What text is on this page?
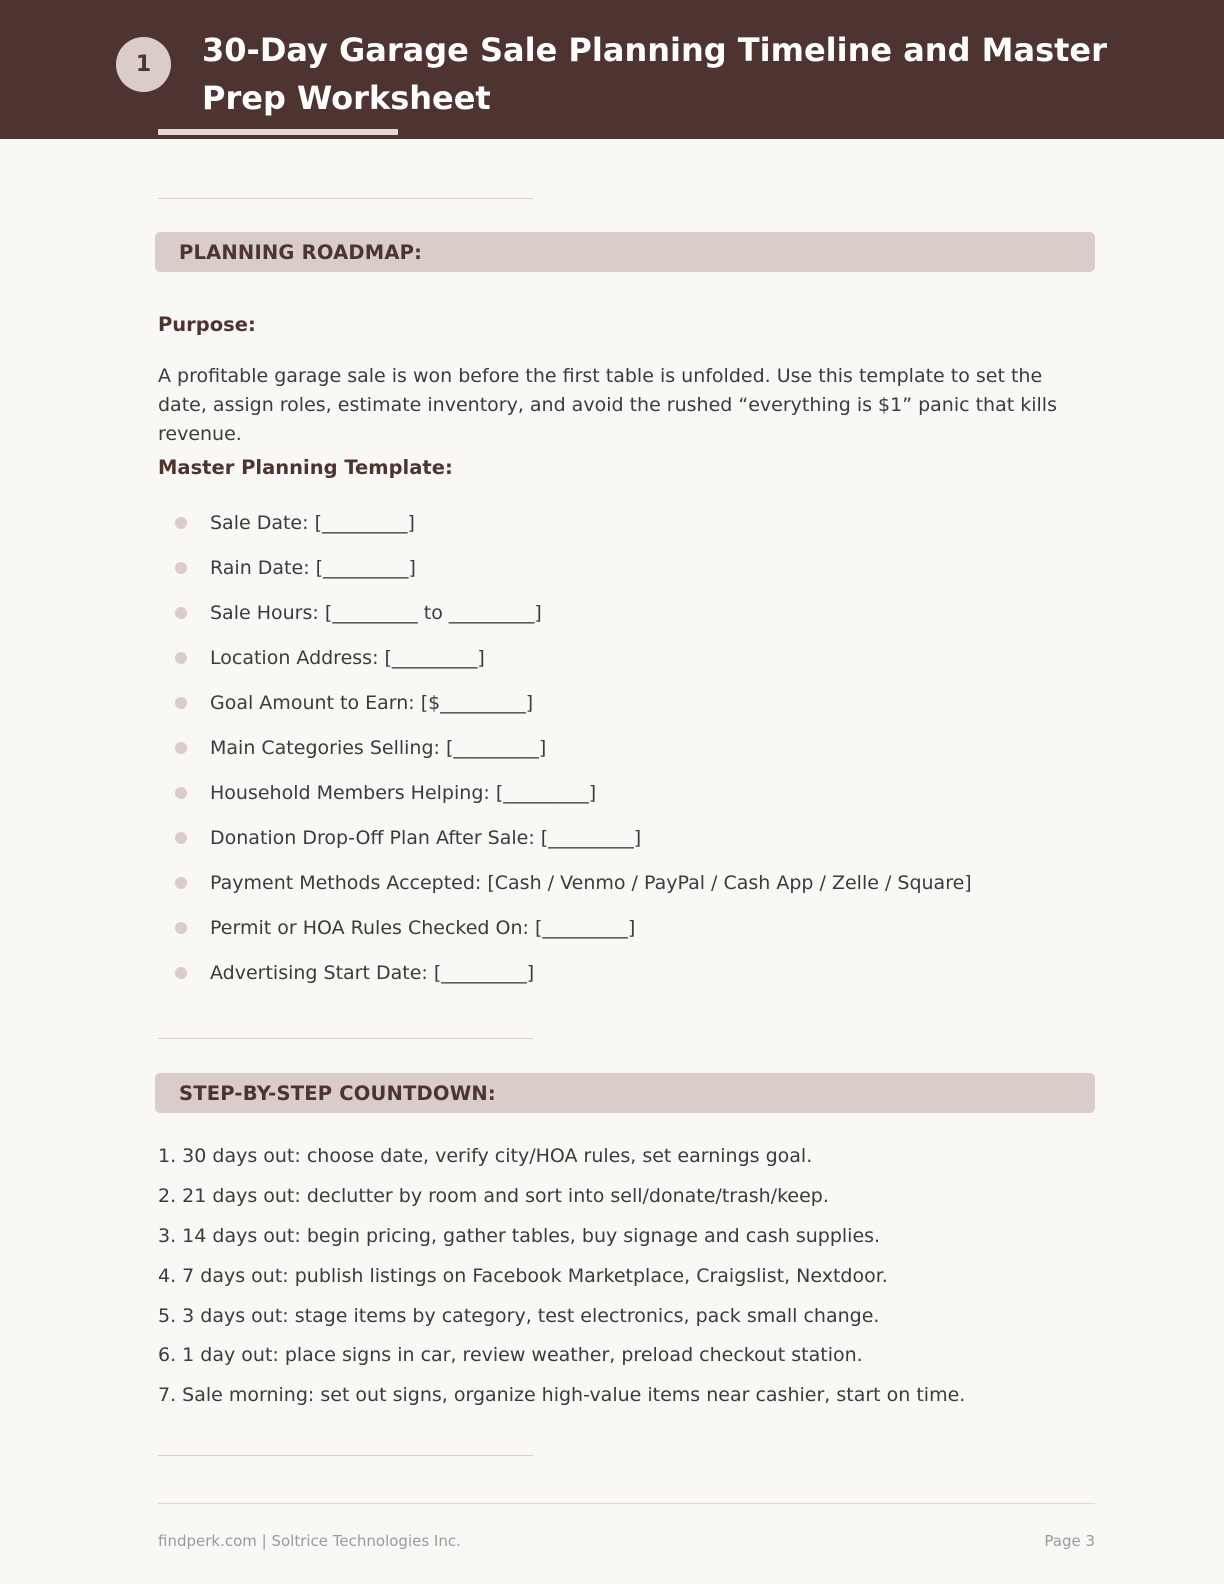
1	30-Day Garage Sale Planning Timeline and Master Prep Worksheet
PLANNING ROADMAP:
Purpose:
A profitable garage sale is won before the first table is unfolded. Use this template to set the date, assign roles, estimate inventory, and avoid the rushed “everything is $1” panic that kills revenue.
Master Planning Template:
Sale Date: [_________]
Rain Date: [_________]
Sale Hours: [_________ to _________]
Location Address: [_________]
Goal Amount to Earn: [$_________]
Main Categories Selling: [_________]
Household Members Helping: [_________]
Donation Drop-Off Plan After Sale: [_________]
Payment Methods Accepted: [Cash / Venmo / PayPal / Cash App / Zelle / Square]
Permit or HOA Rules Checked On: [_________]
Advertising Start Date: [_________]
STEP-BY-STEP COUNTDOWN:
1. 30 days out: choose date, verify city/HOA rules, set earnings goal.
2. 21 days out: declutter by room and sort into sell/donate/trash/keep.
3. 14 days out: begin pricing, gather tables, buy signage and cash supplies.
4. 7 days out: publish listings on Facebook Marketplace, Craigslist, Nextdoor.
5. 3 days out: stage items by category, test electronics, pack small change.
6. 1 day out: place signs in car, review weather, preload checkout station.
7. Sale morning: set out signs, organize high-value items near cashier, start on time.
findperk.com | Soltrice Technologies Inc.	Page 3
